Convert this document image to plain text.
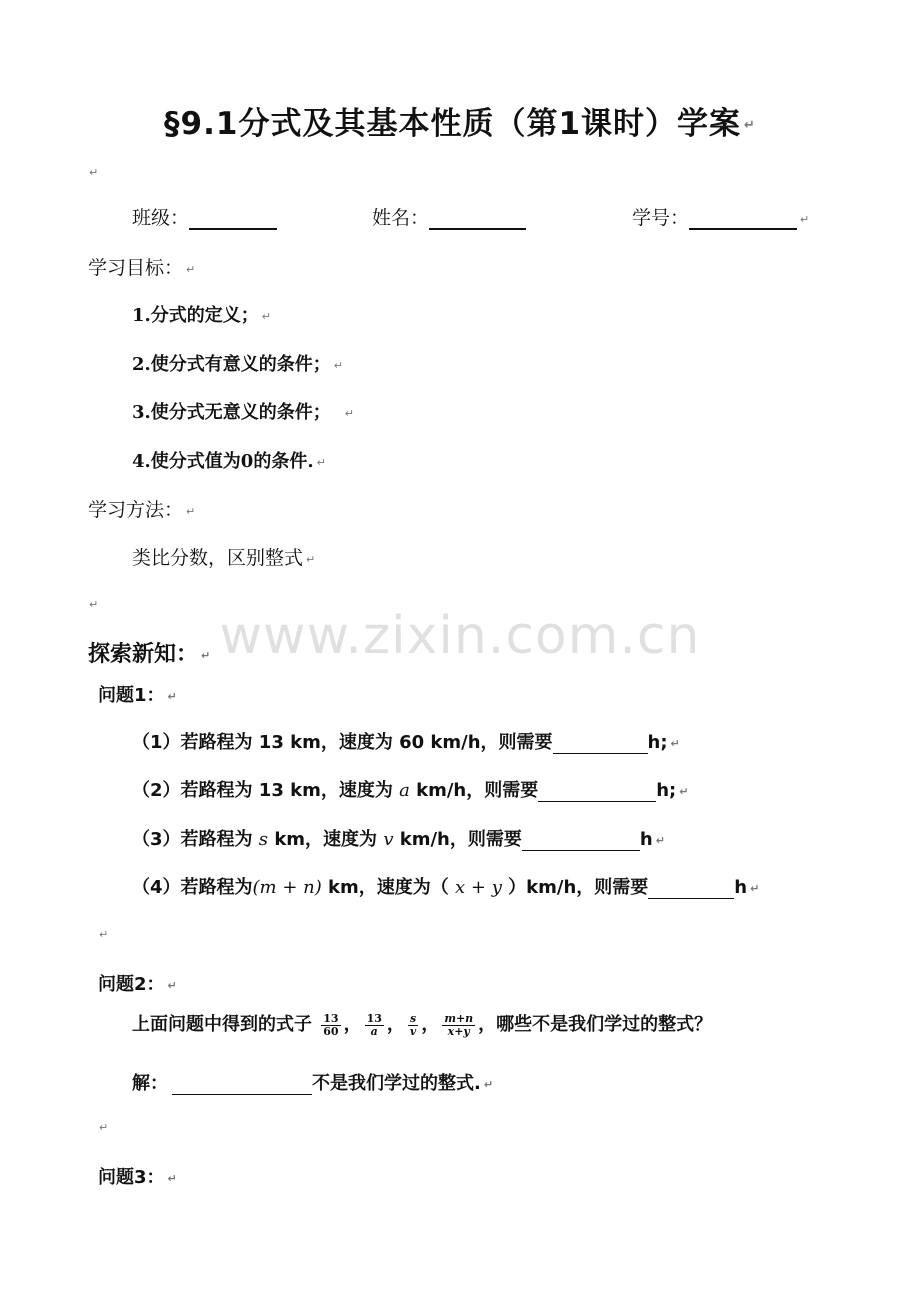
§9.1分式及其基本性质（第1课时）学案 ↵
↵
班级：	姓名：	学号：	↵
学习目标： ↵
1.分式的定义； ↵
2.使分式有意义的条件； ↵
3.使分式无意义的条件； ↵
4.使分式值为0的条件. ↵
学习方法： ↵
类比分数，区别整式 ↵
↵
www.zixin.com.cn
探索新知： ↵
问题1： ↵
（1）若路程为 13 km，速度为 60 km/h，则需要	h; ↵
（2）若路程为 13 km，速度为 a km/h，则需要	h; ↵
（3）若路程为 s km，速度为 v km/h，则需要	h ↵
（4）若路程为(m + n) km，速度为（ x + y ）km/h，则需要	h ↵
↵
问题2： ↵
上面问题中得到的式子 $\frac{13}{60}$ ， $\frac{13}{a}$ ， $\frac{s}{v}$ ， $\frac{m+n}{x+y}$ ，哪些不是我们学过的整式？
解：	不是我们学过的整式. ↵
↵
问题3： ↵
